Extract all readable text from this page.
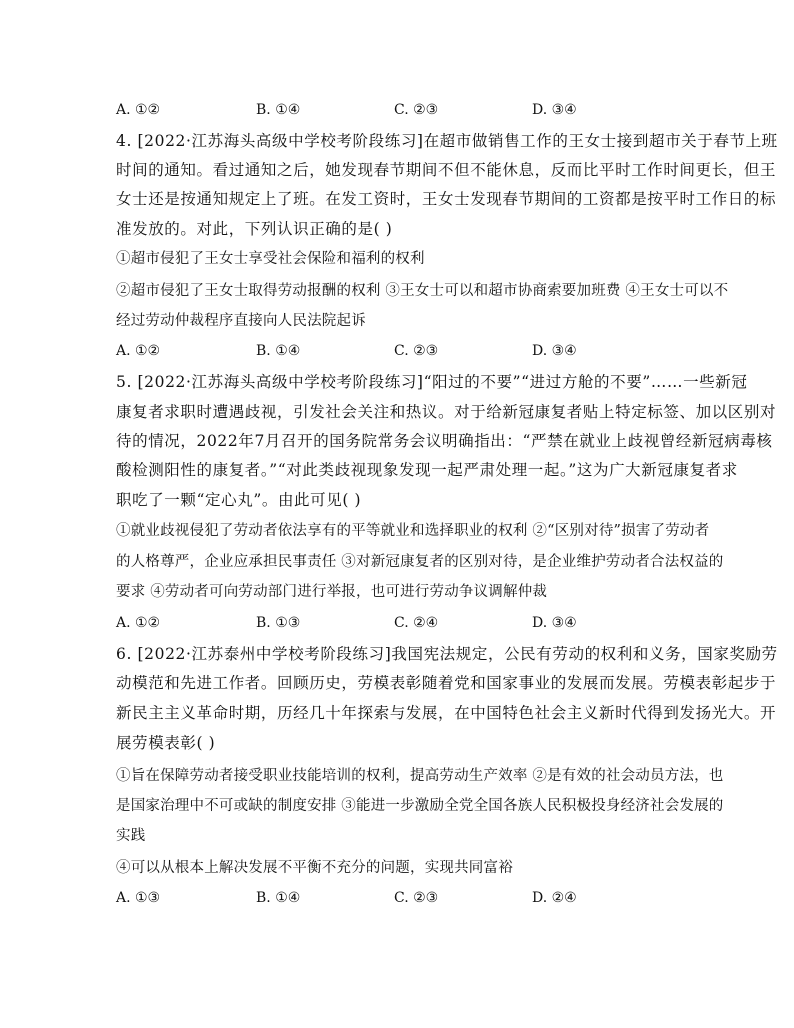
A. ①②	B. ①④	C. ②③	D. ③④
4. [2022·江苏海头高级中学校考阶段练习]在超市做销售工作的王女士接到超市关于春节上班
时间的通知。看过通知之后，她发现春节期间不但不能休息，反而比平时工作时间更长，但王
女士还是按通知规定上了班。在发工资时，王女士发现春节期间的工资都是按平时工作日的标
准发放的。对此，下列认识正确的是( )
①超市侵犯了王女士享受社会保险和福利的权利
②超市侵犯了王女士取得劳动报酬的权利 ③王女士可以和超市协商索要加班费 ④王女士可以不
经过劳动仲裁程序直接向人民法院起诉
A. ①②	B. ①④	C. ②③	D. ③④
5. [2022·江苏海头高级中学校考阶段练习]“阳过的不要”“进过方舱的不要”……一些新冠
康复者求职时遭遇歧视，引发社会关注和热议。对于给新冠康复者贴上特定标签、加以区别对
待的情况，2022年7月召开的国务院常务会议明确指出：“严禁在就业上歧视曾经新冠病毒核
酸检测阳性的康复者。”“对此类歧视现象发现一起严肃处理一起。”这为广大新冠康复者求
职吃了一颗“定心丸”。由此可见( )
①就业歧视侵犯了劳动者依法享有的平等就业和选择职业的权利 ②“区别对待”损害了劳动者
的人格尊严，企业应承担民事责任 ③对新冠康复者的区别对待，是企业维护劳动者合法权益的
要求 ④劳动者可向劳动部门进行举报，也可进行劳动争议调解仲裁
A. ①②	B. ①③	C. ②④	D. ③④
6. [2022·江苏泰州中学校考阶段练习]我国宪法规定，公民有劳动的权利和义务，国家奖励劳
动模范和先进工作者。回顾历史，劳模表彰随着党和国家事业的发展而发展。劳模表彰起步于
新民主主义革命时期，历经几十年探索与发展，在中国特色社会主义新时代得到发扬光大。开
展劳模表彰( )
①旨在保障劳动者接受职业技能培训的权利，提高劳动生产效率 ②是有效的社会动员方法，也
是国家治理中不可或缺的制度安排 ③能进一步激励全党全国各族人民积极投身经济社会发展的
实践
④可以从根本上解决发展不平衡不充分的问题，实现共同富裕
A. ①③	B. ①④	C. ②③	D. ②④
